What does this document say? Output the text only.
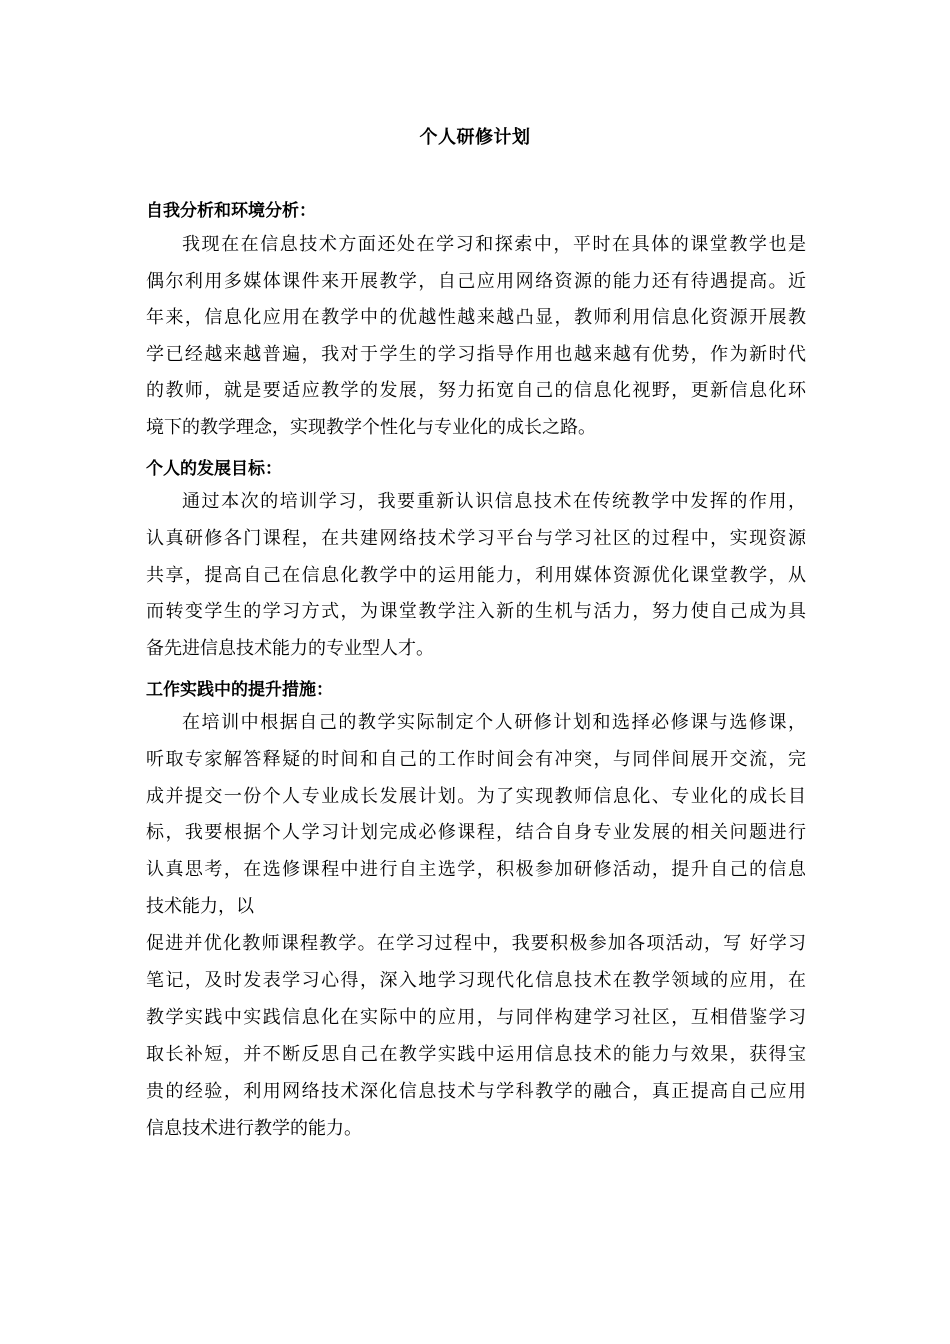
个人研修计划
自我分析和环境分析：
我现在在信息技术方面还处在学习和探索中，平时在具体的课堂教学也是
偶尔利用多媒体课件来开展教学，自己应用网络资源的能力还有待遇提高。近
年来，信息化应用在教学中的优越性越来越凸显，教师利用信息化资源开展教
学已经越来越普遍，我对于学生的学习指导作用也越来越有优势，作为新时代
的教师，就是要适应教学的发展，努力拓宽自己的信息化视野，更新信息化环
境下的教学理念，实现教学个性化与专业化的成长之路。
个人的发展目标：
通过本次的培训学习，我要重新认识信息技术在传统教学中发挥的作用，
认真研修各门课程，在共建网络技术学习平台与学习社区的过程中，实现资源
共享，提高自己在信息化教学中的运用能力，利用媒体资源优化课堂教学，从
而转变学生的学习方式，为课堂教学注入新的生机与活力，努力使自己成为具
备先进信息技术能力的专业型人才。
工作实践中的提升措施：
在培训中根据自己的教学实际制定个人研修计划和选择必修课与选修课，
听取专家解答释疑的时间和自己的工作时间会有冲突，与同伴间展开交流，完
成并提交一份个人专业成长发展计划。为了实现教师信息化、专业化的成长目
标，我要根据个人学习计划完成必修课程，结合自身专业发展的相关问题进行
认真思考，在选修课程中进行自主选学，积极参加研修活动，提升自己的信息
技术能力，以
促进并优化教师课程教学。在学习过程中，我要积极参加各项活动，写 好学习
笔记，及时发表学习心得，深入地学习现代化信息技术在教学领域的应用，在
教学实践中实践信息化在实际中的应用，与同伴构建学习社区，互相借鉴学习
取长补短，并不断反思自己在教学实践中运用信息技术的能力与效果，获得宝
贵的经验，利用网络技术深化信息技术与学科教学的融合，真正提高自己应用
信息技术进行教学的能力。
